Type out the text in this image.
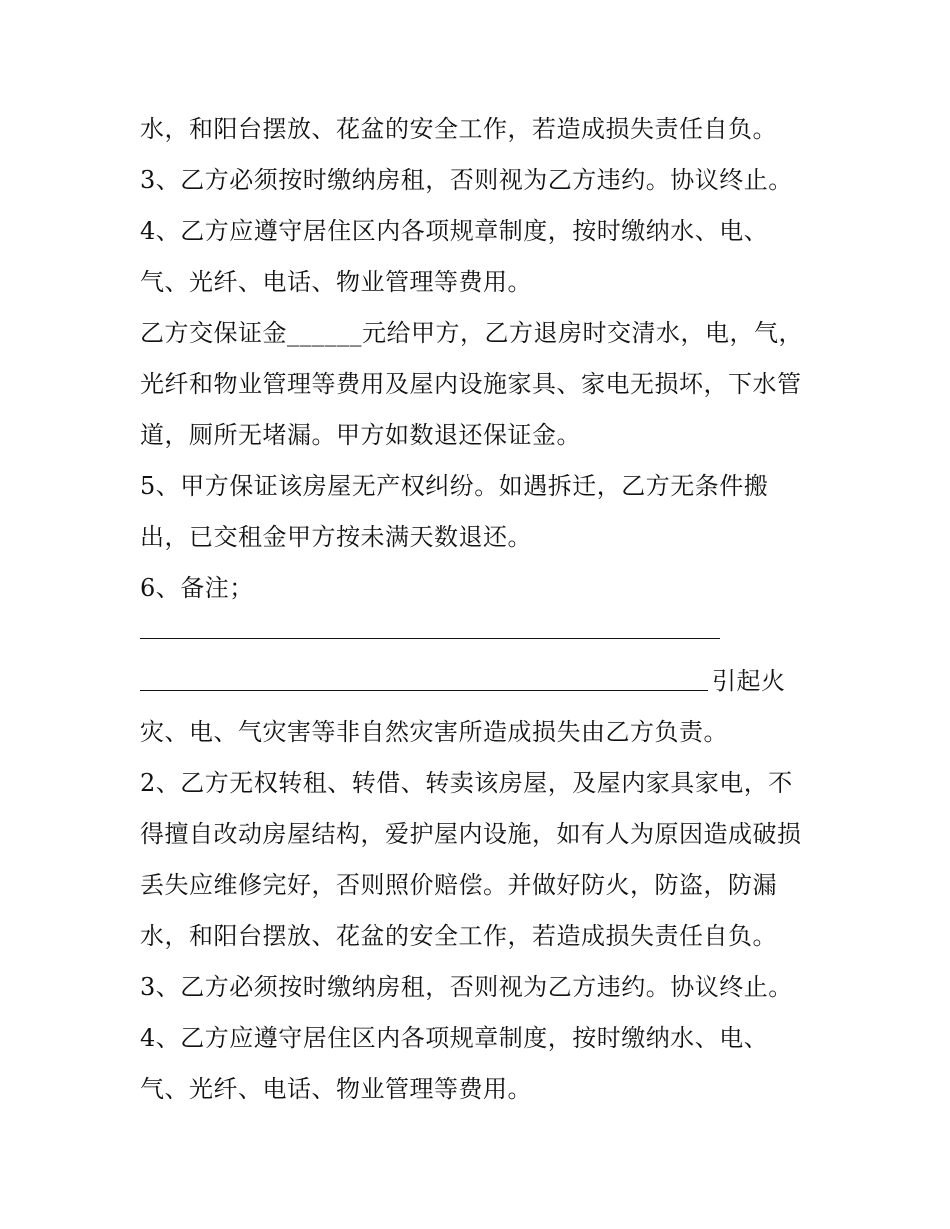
水，和阳台摆放、花盆的安全工作，若造成损失责任自负。
3、乙方必须按时缴纳房租，否则视为乙方违约。协议终止。
4、乙方应遵守居住区内各项规章制度，按时缴纳水、电、
气、光纤、电话、物业管理等费用。
乙方交保证金______元给甲方，乙方退房时交清水，电，气，
光纤和物业管理等费用及屋内设施家具、家电无损坏，下水管
道，厕所无堵漏。甲方如数退还保证金。
5、甲方保证该房屋无产权纠纷。如遇拆迁，乙方无条件搬
出，已交租金甲方按未满天数退还。
6、备注；
引起火
灾、电、气灾害等非自然灾害所造成损失由乙方负责。
2、乙方无权转租、转借、转卖该房屋，及屋内家具家电，不
得擅自改动房屋结构，爱护屋内设施，如有人为原因造成破损
丢失应维修完好，否则照价赔偿。并做好防火，防盗，防漏
水，和阳台摆放、花盆的安全工作，若造成损失责任自负。
3、乙方必须按时缴纳房租，否则视为乙方违约。协议终止。
4、乙方应遵守居住区内各项规章制度，按时缴纳水、电、
气、光纤、电话、物业管理等费用。
